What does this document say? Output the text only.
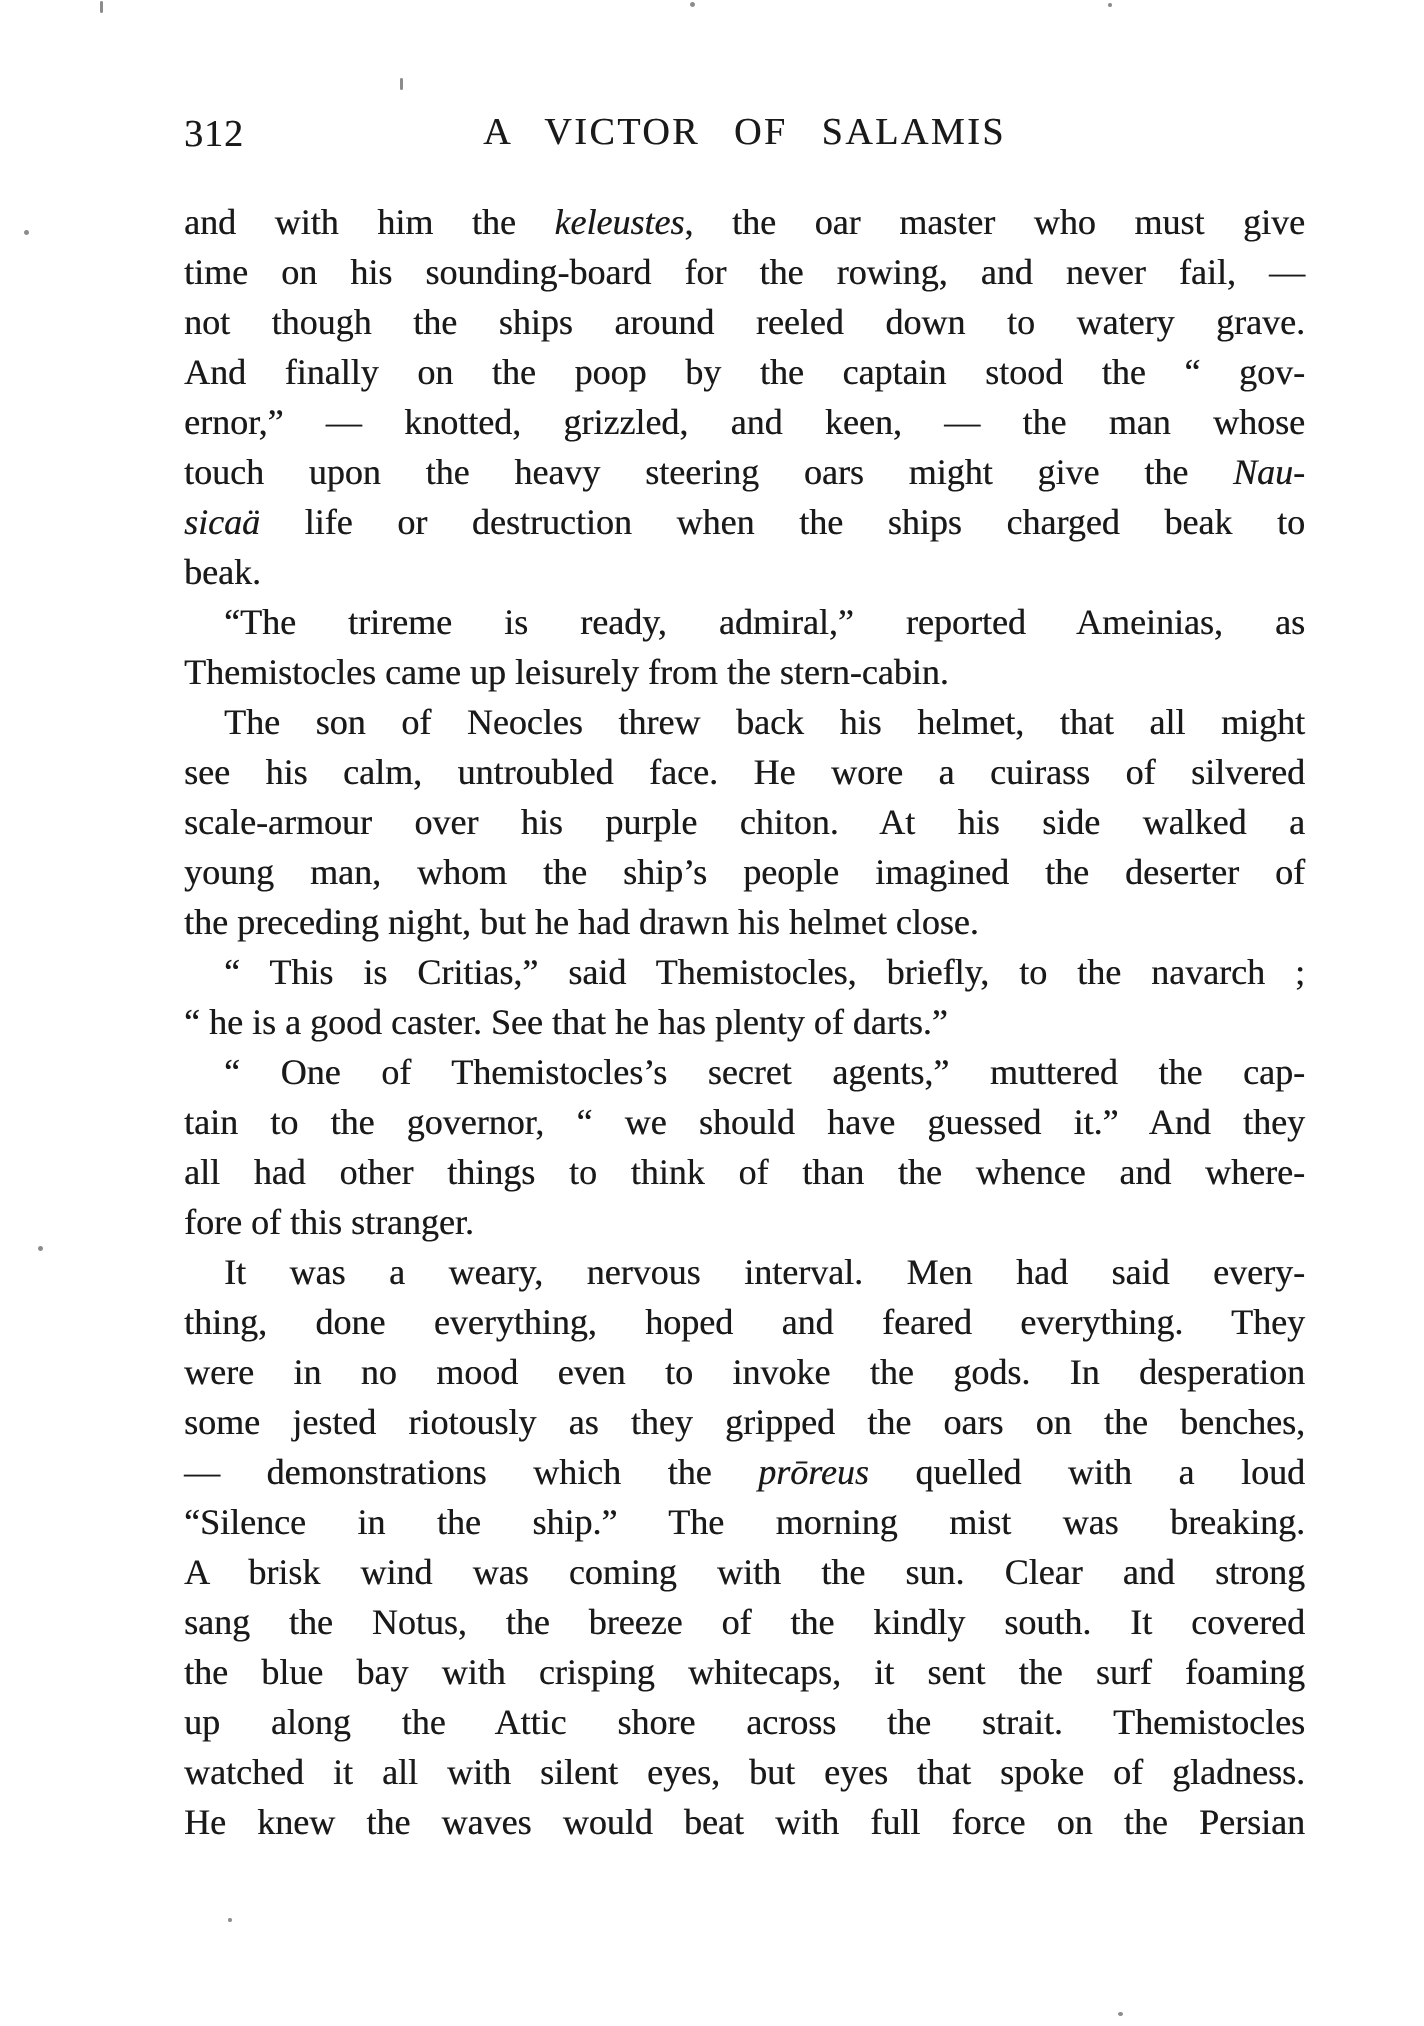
312	A VICTOR OF SALAMIS
and with him the keleustes, the oar master who must give
time on his sounding-board for the rowing, and never fail, —
not though the ships around reeled down to watery grave.
And finally on the poop by the captain stood the “ gov-
ernor,” — knotted, grizzled, and keen, — the man whose
touch upon the heavy steering oars might give the Nau-
sicaä life or destruction when the ships charged beak to
beak.
“The trireme is ready, admiral,” reported Ameinias, as
Themistocles came up leisurely from the stern-cabin.
The son of Neocles threw back his helmet, that all might
see his calm, untroubled face. He wore a cuirass of silvered
scale-armour over his purple chiton. At his side walked a
young man, whom the ship’s people imagined the deserter of
the preceding night, but he had drawn his helmet close.
“ This is Critias,” said Themistocles, briefly, to the navarch ;
“ he is a good caster. See that he has plenty of darts.”
“ One of Themistocles’s secret agents,” muttered the cap-
tain to the governor, “ we should have guessed it.” And they
all had other things to think of than the whence and where-
fore of this stranger.
It was a weary, nervous interval. Men had said every-
thing, done everything, hoped and feared everything. They
were in no mood even to invoke the gods. In desperation
some jested riotously as they gripped the oars on the benches,
— demonstrations which the prōreus quelled with a loud
“Silence in the ship.” The morning mist was breaking.
A brisk wind was coming with the sun. Clear and strong
sang the Notus, the breeze of the kindly south. It covered
the blue bay with crisping whitecaps, it sent the surf foaming
up along the Attic shore across the strait. Themistocles
watched it all with silent eyes, but eyes that spoke of gladness.
He knew the waves would beat with full force on the Persian
